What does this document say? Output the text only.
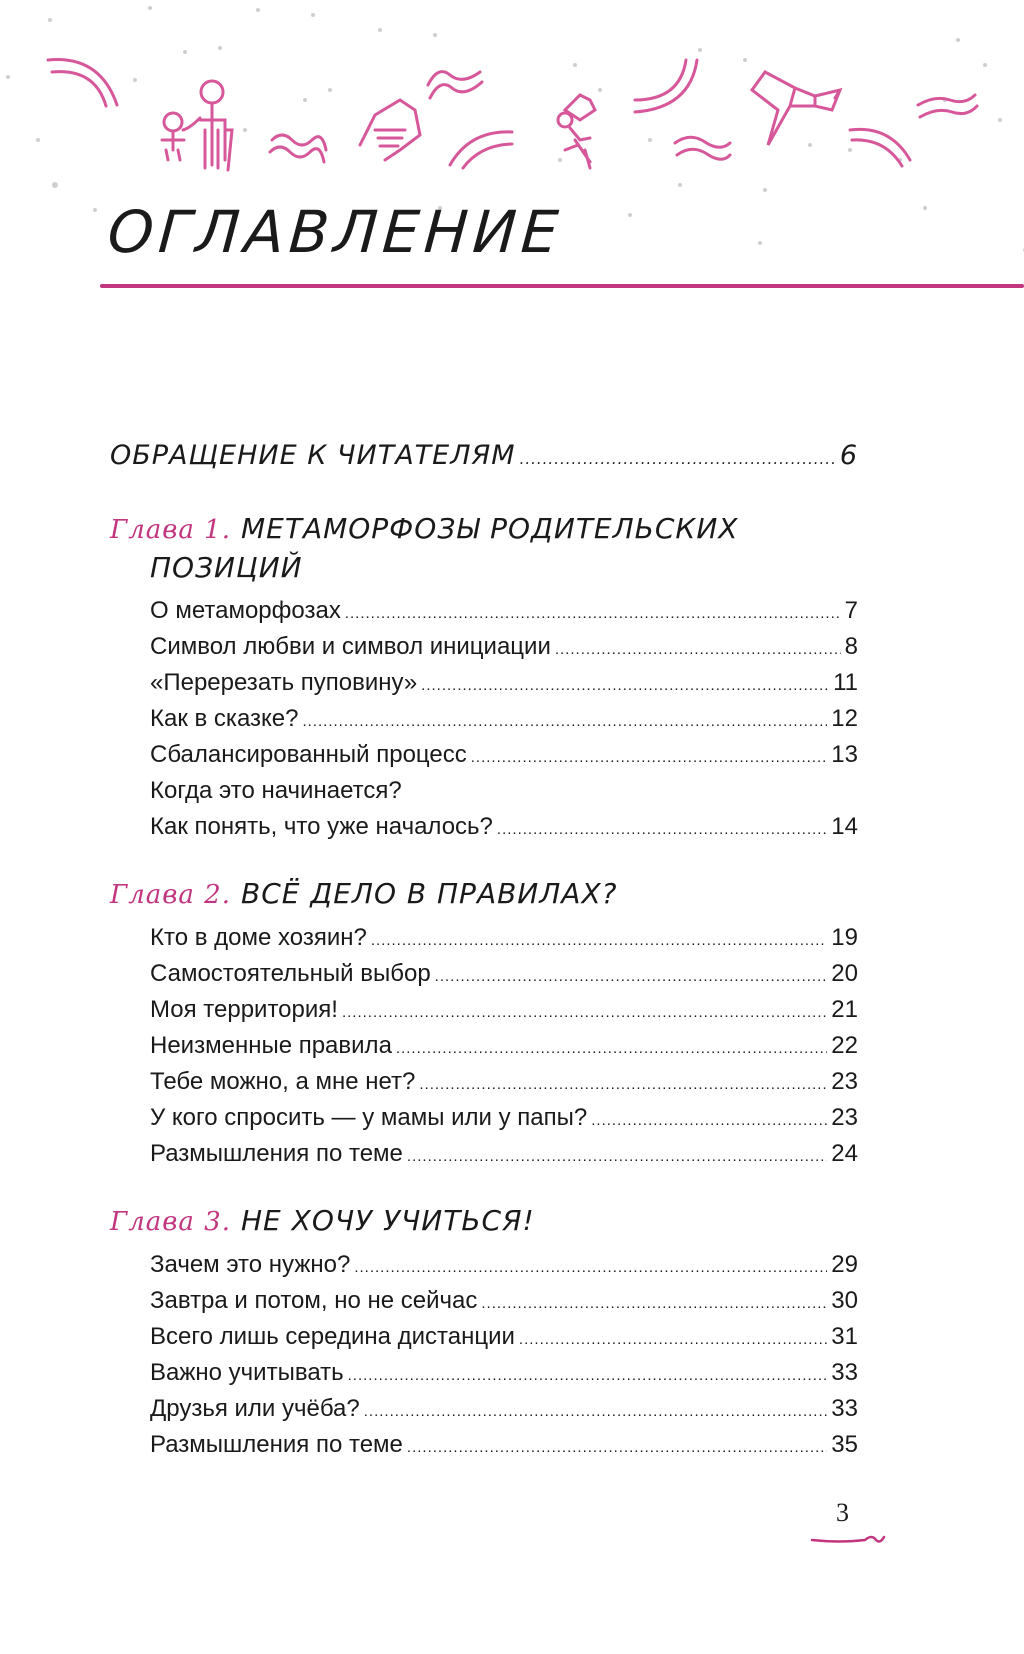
ОГЛАВЛЕНИЕ
ОБРАЩЕНИЕ К ЧИТАТЕЛЯМ .....	6
Глава 1. МЕТАМОРФОЗЫ РОДИТЕЛЬСКИХ
ПОЗИЦИЙ
О метаморфозах .....	7
Символ любви и символ инициации .....	8
«Перерезать пуповину» .....	11
Как в сказке? .....	12
Сбалансированный процесс .....	13
Когда это начинается?
Как понять, что уже началось? .....	14
Глава 2. ВСЁ ДЕЛО В ПРАВИЛАХ?
Кто в доме хозяин? .....	19
Самостоятельный выбор .....	20
Моя территория! .....	21
Неизменные правила .....	22
Тебе можно, а мне нет? .....	23
У кого спросить — у мамы или у папы? .....	23
Размышления по теме .....	24
Глава 3. НЕ ХОЧУ УЧИТЬСЯ!
Зачем это нужно? .....	29
Завтра и потом, но не сейчас .....	30
Всего лишь середина дистанции .....	31
Важно учитывать .....	33
Друзья или учёба? .....	33
Размышления по теме .....	35
3
